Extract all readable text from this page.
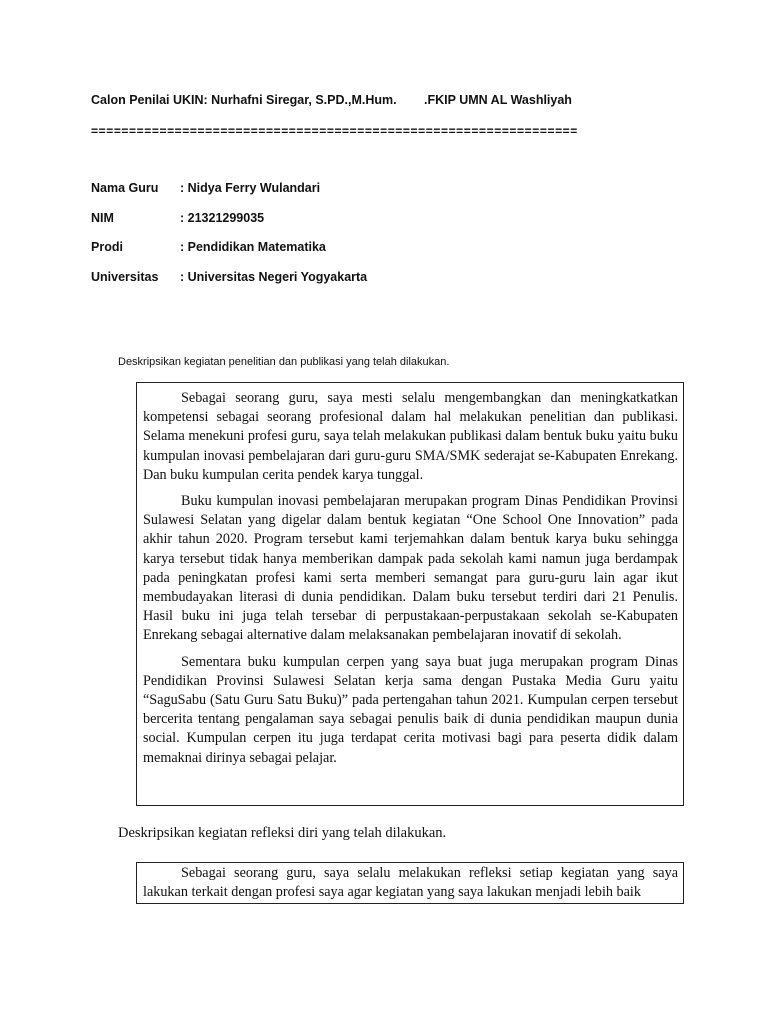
Calon Penilai UKIN: Nurhafni Siregar, S.PD.,M.Hum. .FKIP UMN AL Washliyah
================================================================
Nama Guru : Nidya Ferry Wulandari
NIM	: 21321299035
Prodi	: Pendidikan Matematika
Universitas : Universitas Negeri Yogyakarta
Deskripsikan kegiatan penelitian dan publikasi yang telah dilakukan.

Sebagai seorang guru, saya mesti selalu mengembangkan dan meningkatkatkan kompetensi sebagai seorang profesional dalam hal melakukan penelitian dan publikasi. Selama menekuni profesi guru, saya telah melakukan publikasi dalam bentuk buku yaitu buku kumpulan inovasi pembelajaran dari guru-guru SMA/SMK sederajat se-Kabupaten Enrekang. Dan buku kumpulan cerita pendek karya tunggal.

Buku kumpulan inovasi pembelajaran merupakan program Dinas Pendidikan Provinsi Sulawesi Selatan yang digelar dalam bentuk kegiatan “One School One Innovation” pada akhir tahun 2020. Program tersebut kami terjemahkan dalam bentuk karya buku sehingga karya tersebut tidak hanya memberikan dampak pada sekolah kami namun juga berdampak pada peningkatan profesi kami serta memberi semangat para guru-guru lain agar ikut membudayakan literasi di dunia pendidikan. Dalam buku tersebut terdiri dari 21 Penulis. Hasil buku ini juga telah tersebar di perpustakaan-perpustakaan sekolah se-Kabupaten Enrekang sebagai alternative dalam melaksanakan pembelajaran inovatif di sekolah.

Sementara buku kumpulan cerpen yang saya buat juga merupakan program Dinas Pendidikan Provinsi Sulawesi Selatan kerja sama dengan Pustaka Media Guru yaitu “SaguSabu (Satu Guru Satu Buku)” pada pertengahan tahun 2021. Kumpulan cerpen tersebut bercerita tentang pengalaman saya sebagai penulis baik di dunia pendidikan maupun dunia social. Kumpulan cerpen itu juga terdapat cerita motivasi bagi para peserta didik dalam memaknai dirinya sebagai pelajar.

Deskripsikan kegiatan refleksi diri yang telah dilakukan.

Sebagai seorang guru, saya selalu melakukan refleksi setiap kegiatan yang saya lakukan terkait dengan profesi saya agar kegiatan yang saya lakukan menjadi lebih baik
